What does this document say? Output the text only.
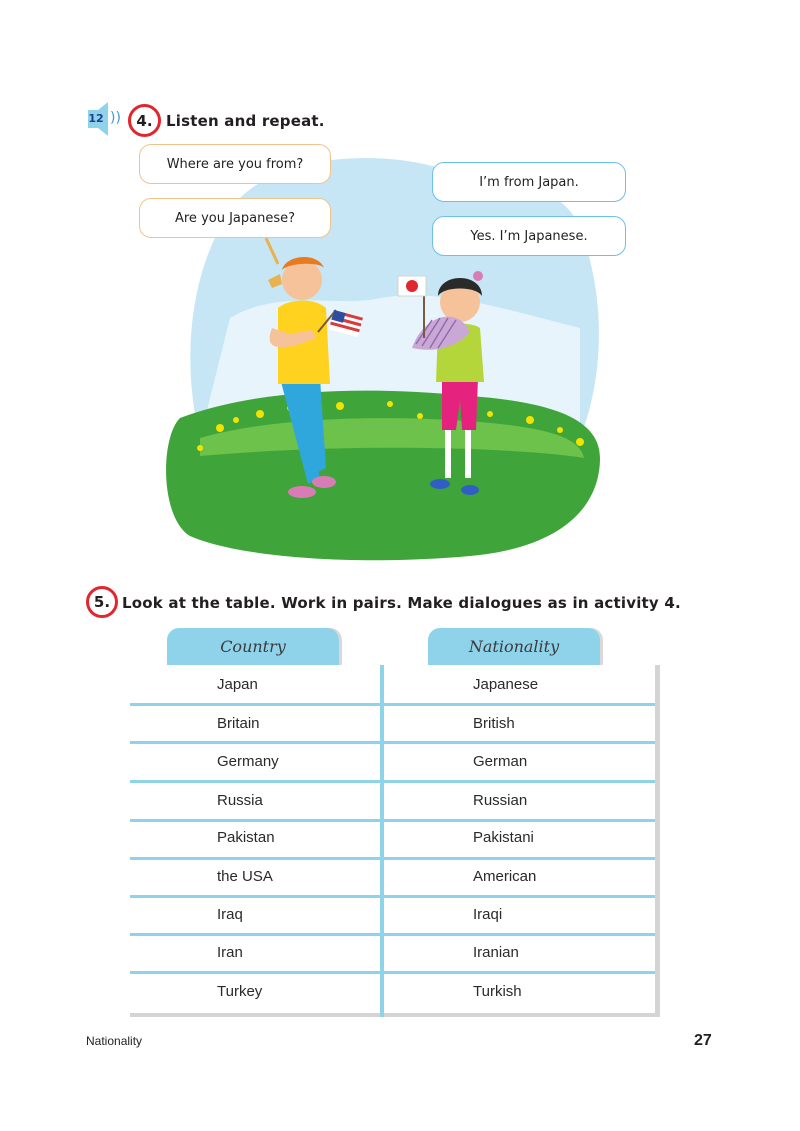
12 ))	4. Listen and repeat.
Where are you from?
Are you Japanese?
I’m from Japan.
Yes. I’m Japanese.
5. Look at the table. Work in pairs. Make dialogues as in activity 4.
Country	Nationality
Japan	Japanese
Britain	British
Germany	German
Russia	Russian
Pakistan	Pakistani
the USA	American
Iraq	Iraqi
Iran	Iranian
Turkey	Turkish
Nationality	27
